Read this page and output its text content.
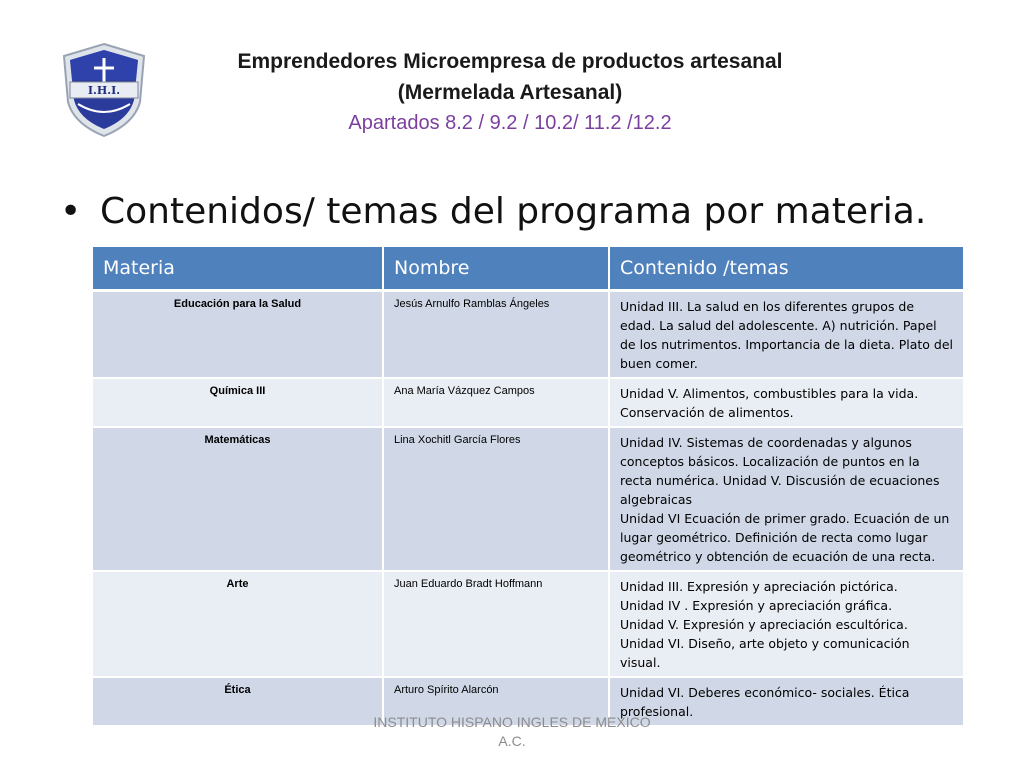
I.H.I.
Emprendedores Microempresa de productos artesanal
(Mermelada Artesanal)
Apartados 8.2 / 9.2 / 10.2/ 11.2 /12.2
• Contenidos/ temas del programa por materia.
Materia	Nombre	Contenido /temas
Educación para la Salud	Jesús Arnulfo Ramblas Ángeles	Unidad III. La salud en los diferentes grupos de edad. La salud del adolescente. A) nutrición. Papel de los nutrimentos. Importancia de la dieta. Plato del buen comer.
Química III	Ana María Vázquez Campos	Unidad V. Alimentos, combustibles para la vida. Conservación de alimentos.
Matemáticas	Lina Xochitl García Flores	Unidad IV. Sistemas de coordenadas y algunos conceptos básicos. Localización de puntos en la recta numérica. Unidad V. Discusión de ecuaciones algebraicas
Unidad VI Ecuación de primer grado. Ecuación de un lugar geométrico. Definición de recta como lugar geométrico y obtención de ecuación de una recta.
Arte	Juan Eduardo Bradt Hoffmann	Unidad III. Expresión y apreciación pictórica.
Unidad IV . Expresión y apreciación gráfica.
Unidad V. Expresión y apreciación escultórica.
Unidad VI. Diseño, arte objeto y comunicación visual.
Ética	Arturo Spírito Alarcón	Unidad VI. Deberes económico- sociales. Ética profesional.
INSTITUTO HISPANO INGLES DE MEXICO
A.C.
